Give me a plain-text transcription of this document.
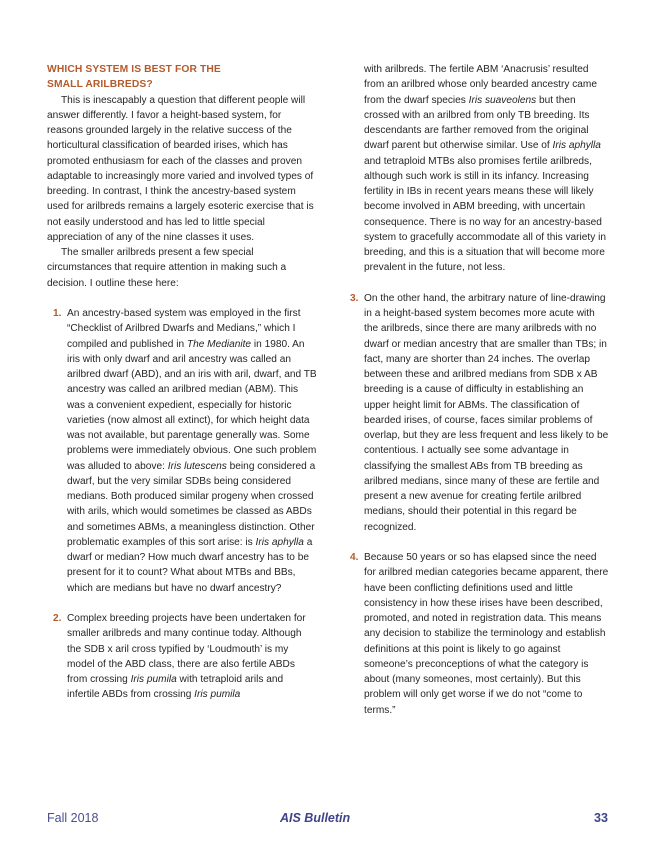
WHICH SYSTEM IS BEST FOR THE
SMALL ARILBREDS?

This is inescapably a question that different people will answer differently. I favor a height-based system, for reasons grounded largely in the relative success of the horticultural classification of bearded irises, which has promoted enthusiasm for each of the classes and proven adaptable to increasingly more varied and involved types of breeding. In contrast, I think the ancestry-based system used for arilbreds remains a largely esoteric exercise that is not easily understood and has led to little special appreciation of any of the nine classes it uses.

The smaller arilbreds present a few special circumstances that require attention in making such a decision. I outline these here:

1. An ancestry-based system was employed in the first “Checklist of Arilbred Dwarfs and Medians,” which I compiled and published in The Medianite in 1980. An iris with only dwarf and aril ancestry was called an arilbred dwarf (ABD), and an iris with aril, dwarf, and TB ancestry was called an arilbred median (ABM). This was a convenient expedient, especially for historic varieties (now almost all extinct), for which height data was not available, but parentage generally was. Some problems were immediately obvious. One such problem was alluded to above: Iris lutescens being considered a dwarf, but the very similar SDBs being considered medians. Both produced similar progeny when crossed with arils, which would sometimes be classed as ABDs and sometimes ABMs, a meaningless distinction. Other problematic examples of this sort arise: is Iris aphylla a dwarf or median? How much dwarf ancestry has to be present for it to count? What about MTBs and BBs, which are medians but have no dwarf ancestry?

2. Complex breeding projects have been undertaken for smaller arilbreds and many continue today. Although the SDB x aril cross typified by ‘Loudmouth’ is my model of the ABD class, there are also fertile ABDs from crossing Iris pumila with tetraploid arils and infertile ABDs from crossing Iris pumila

with arilbreds. The fertile ABM ‘Anacrusis’ resulted from an arilbred whose only bearded ancestry came from the dwarf species Iris suaveolens but then crossed with an arilbred from only TB breeding. Its descendants are farther removed from the original dwarf parent but otherwise similar. Use of Iris aphylla and tetraploid MTBs also promises fertile arilbreds, although such work is still in its infancy. Increasing fertility in IBs in recent years means these will likely become involved in ABM breeding, with uncertain consequence. There is no way for an ancestry-based system to gracefully accommodate all of this variety in breeding, and this is a situation that will become more prevalent in the future, not less.

3. On the other hand, the arbitrary nature of line-drawing in a height-based system becomes more acute with the arilbreds, since there are many arilbreds with no dwarf or median ancestry that are smaller than TBs; in fact, many are shorter than 24 inches. The overlap between these and arilbred medians from SDB x AB breeding is a cause of difficulty in establishing an upper height limit for ABMs. The classification of bearded irises, of course, faces similar problems of overlap, but they are less frequent and less likely to be contentious. I actually see some advantage in classifying the smallest ABs from TB breeding as arilbred medians, since many of these are fertile and present a new avenue for creating fertile arilbred medians, should their potential in this regard be recognized.

4. Because 50 years or so has elapsed since the need for arilbred median categories became apparent, there have been conflicting definitions used and little consistency in how these irises have been described, promoted, and noted in registration data. This means any decision to stabilize the terminology and establish definitions at this point is likely to go against someone’s preconceptions of what the category is about (many someones, most certainly). But this problem will only get worse if we do not “come to terms.”

Fall 2018	AIS Bulletin	33
